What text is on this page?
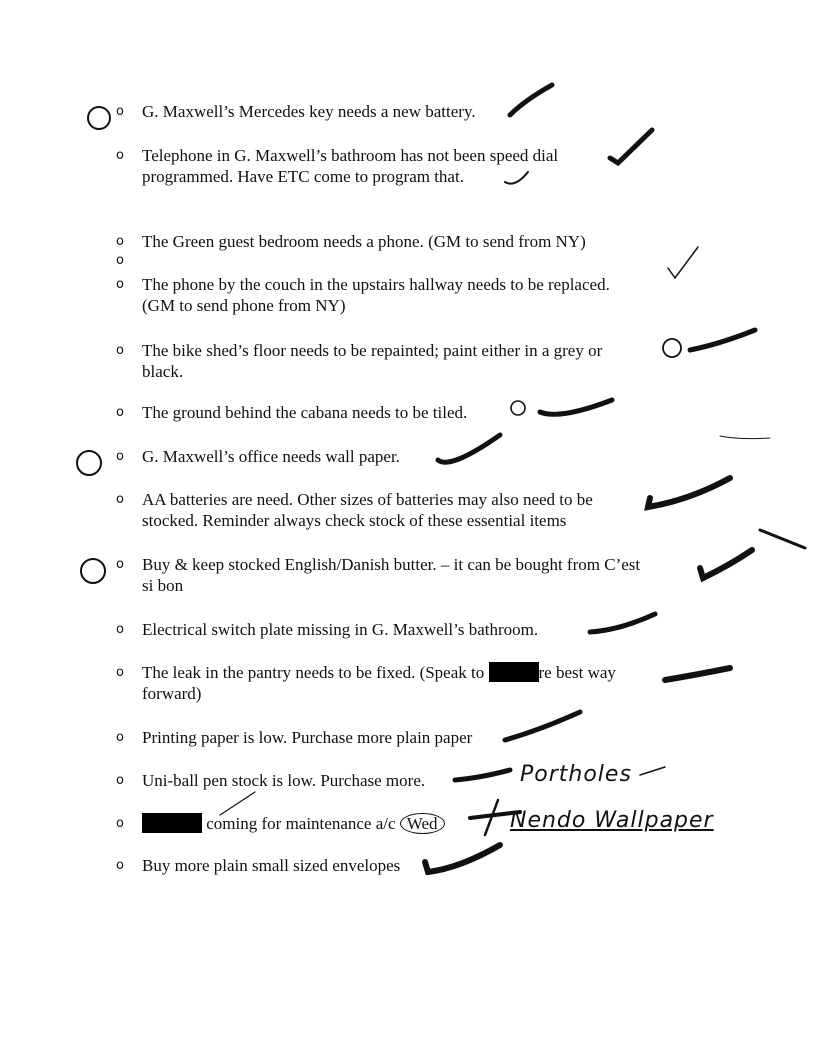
o G. Maxwell’s Mercedes key needs a new battery.
o Telephone in G. Maxwell’s bathroom has not been speed dial
programmed. Have ETC come to program that.
o The Green guest bedroom needs a phone. (GM to send from NY)
o
o The phone by the couch in the upstairs hallway needs to be replaced.
(GM to send phone from NY)
o The bike shed’s floor needs to be repainted; paint either in a grey or
black.
o The ground behind the cabana needs to be tiled.
o G. Maxwell’s office needs wall paper.
o AA batteries are need. Other sizes of batteries may also need to be
stocked. Reminder always check stock of these essential items
o Buy & keep stocked English/Danish butter. – it can be bought from C’est
si bon
o Electrical switch plate missing in G. Maxwell’s bathroom.
o The leak in the pantry needs to be fixed. (Speak to	re best way
forward)
o Printing paper is low. Purchase more plain paper
o Uni-ball pen stock is low. Purchase more.
o	coming for maintenance a/c Wed
o Buy more plain small sized envelopes
Portholes
Nendo Wallpaper
